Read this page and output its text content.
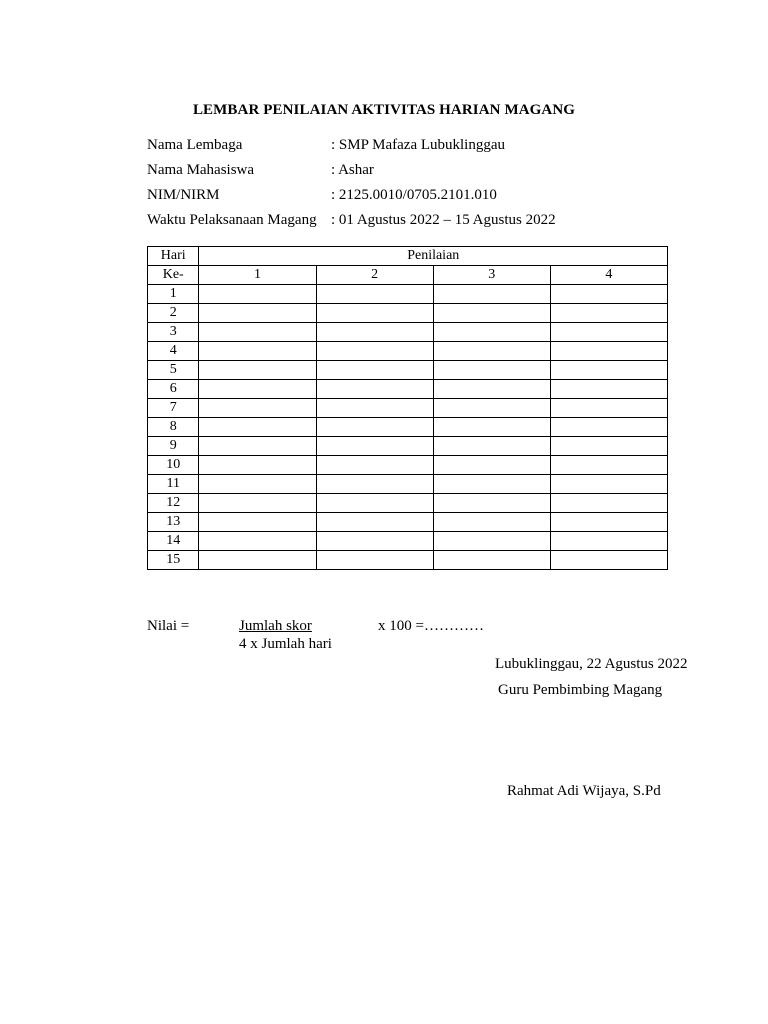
LEMBAR PENILAIAN AKTIVITAS HARIAN MAGANG
Nama Lembaga	: SMP Mafaza Lubuklinggau
Nama Mahasiswa	: Ashar
NIM/NIRM	: 2125.0010/0705.2101.010
Waktu Pelaksanaan Magang : 01 Agustus 2022 – 15 Agustus 2022
Hari	Penilaian			
Ke-	1	2	3	4
1				
2				
3				
4				
5				
6				
7				
8				
9				
10				
11				
12				
13				
14				
15				
Nilai =	Jumlah skor	x 100 =…………
4 x Jumlah hari
Lubuklinggau, 22 Agustus 2022
Guru Pembimbing Magang
Rahmat Adi Wijaya, S.Pd
